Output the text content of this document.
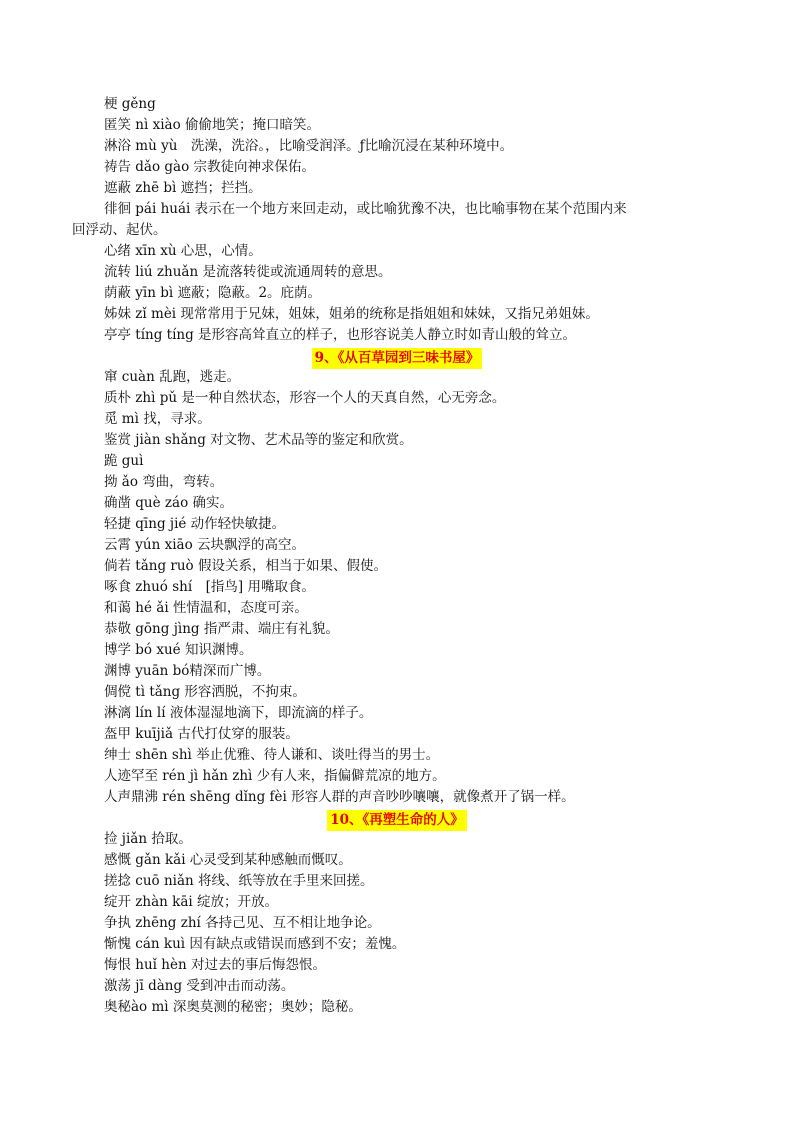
梗 gěng
匿笑 nì xiào 偷偷地笑；掩口暗笑。
淋浴 mù yù　洗澡，洗浴。，比喻受润泽。ƒ比喻沉浸在某种环境中。
祷告 dǎo gào 宗教徒向神求保佑。
遮蔽 zhē bì 遮挡；拦挡。
徘徊 pái huái 表示在一个地方来回走动，或比喻犹豫不决，也比喻事物在某个范围内来
回浮动、起伏。
心绪 xīn xù 心思，心情。
流转 liú zhuǎn 是流落转徙或流通周转的意思。
荫蔽 yīn bì 遮蔽；隐蔽。2。庇荫。
姊妹 zǐ mèi 现常常用于兄妹，姐妹，姐弟的统称是指姐姐和妹妹，又指兄弟姐妹。
亭亭 tíng tíng 是形容高耸直立的样子，也形容说美人静立时如青山般的耸立。
9、《从百草园到三味书屋》
窜 cuàn 乱跑，逃走。
质朴 zhì pǔ 是一种自然状态，形容一个人的天真自然，心无旁念。
觅 mì 找，寻求。
鉴赏 jiàn shǎng 对文物、艺术品等的鉴定和欣赏。
跪 guì
拗 ǎo 弯曲，弯转。
确凿 què záo 确实。
轻捷 qīng jié 动作轻快敏捷。
云霄 yún xiāo 云块飘浮的高空。
倘若 tǎng ruò 假设关系，相当于如果、假使。
啄食 zhuó shí　[指鸟] 用嘴取食。
和蔼 hé ǎi 性情温和，态度可亲。
恭敬 gōng jìng 指严肃、端庄有礼貌。
博学 bó xué 知识渊博。
渊博 yuān bó精深而广博。
倜傥 tì tǎng 形容洒脱，不拘束。
淋漓 lín lí 液体湿湿地滴下，即流滴的样子。
盔甲 kuījiǎ 古代打仗穿的服装。
绅士 shēn shì 举止优雅、待人谦和、谈吐得当的男士。
人迹罕至 rén jì hǎn zhì 少有人来，指偏僻荒凉的地方。
人声鼎沸 rén shēng dǐng fèi 形容人群的声音吵吵嚷嚷，就像煮开了锅一样。
10、《再塑生命的人》
捡 jiǎn 拾取。
感慨 gǎn kǎi 心灵受到某种感触而慨叹。
搓捻 cuō niǎn 将线、纸等放在手里来回搓。
绽开 zhàn kāi 绽放；开放。
争执 zhēng zhí 各持己见、互不相让地争论。
惭愧 cán kuì 因有缺点或错误而感到不安；羞愧。
悔恨 huǐ hèn 对过去的事后悔怨恨。
激荡 jī dàng 受到冲击而动荡。
奥秘ào mì 深奥莫测的秘密；奥妙；隐秘。
